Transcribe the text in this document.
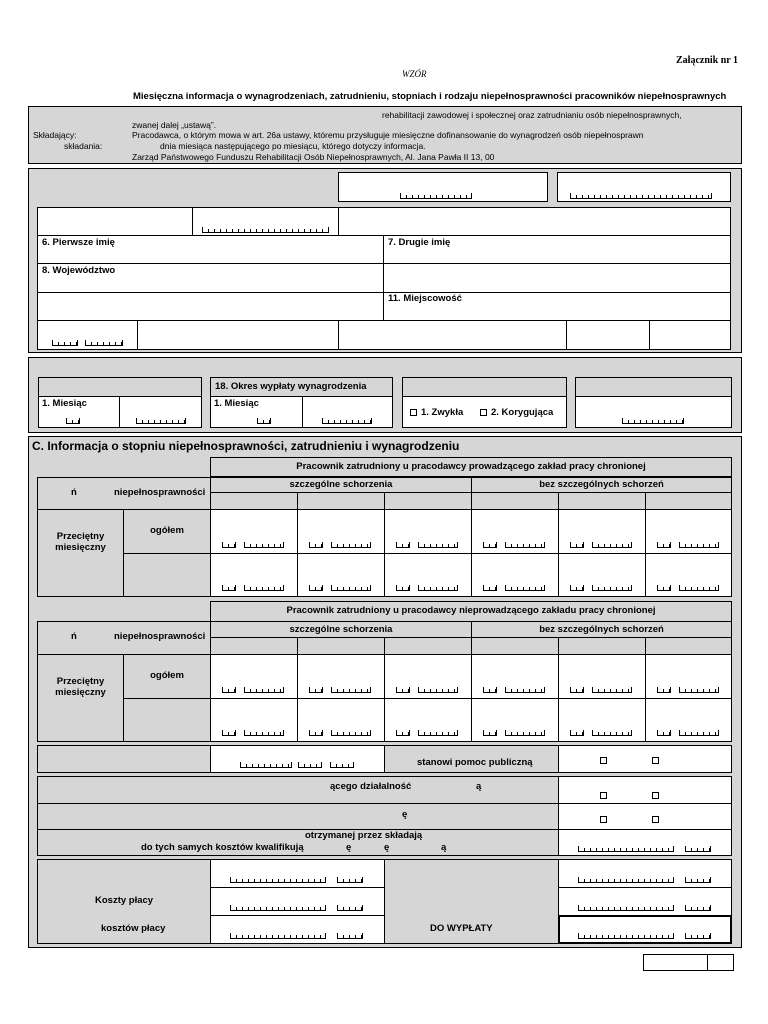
Załącznik nr 1
WZÓR
Miesięczna informacja o wynagrodzeniach, zatrudnieniu, stopniach i rodzaju niepełnosprawności pracowników niepełnosprawnych
rehabilitacji zawodowej i społecznej oraz zatrudnianiu osób niepełnosprawnych,
zwanej dalej „ustawą”.
Składający:	Pracodawca, o którym mowa w art. 26a ustawy, któremu przysługuje miesięczne dofinansowanie do wynagrodzeń osób niepełnosprawn
składania:	dnia miesiąca następującego po miesiącu, którego dotyczy informacja.
Zarząd Państwowego Funduszu Rehabilitacji Osób Niepełnosprawnych, Al. Jana Pawła II 13, 00
6. Pierwsze imię	7. Drugie imię
8. Województwo
11. Miejscowość
1. Miesiąc
18. Okres wypłaty wynagrodzenia
1. Miesiąc
1. Zwykła	2. Korygująca
C. Informacja o stopniu niepełnosprawności, zatrudnieniu i wynagrodzeniu
Pracownik zatrudniony u pracodawcy prowadzącego zakład pracy chronionej
ń	niepełnosprawności
szczególne schorzenia	bez szczególnych schorzeń
Przeciętny
miesięczny
ogółem
Pracownik zatrudniony u pracodawcy nieprowadzącego zakładu pracy chronionej
ń	niepełnosprawności
szczególne schorzenia	bez szczególnych schorzeń
Przeciętny
miesięczny
ogółem
stanowi pomoc publiczną
ącego działalność	ą
ę
otrzymanej przez składają
do tych samych kosztów kwalifikują	ę	ę	ą
Koszty płacy
kosztów płacy	DO WYPŁATY
